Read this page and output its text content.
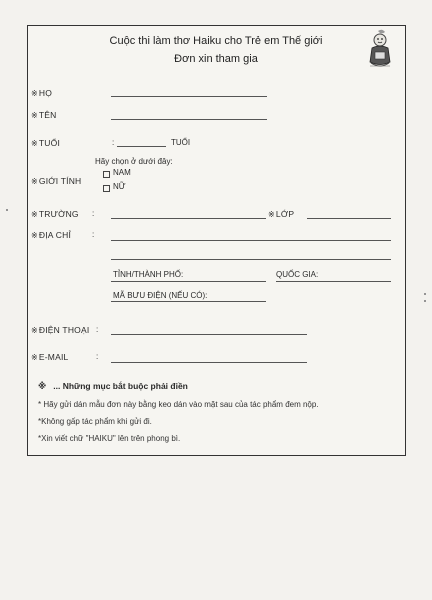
Cuộc thi làm thơ Haiku cho Trẻ em Thế giới
Đơn xin tham gia
※HỌ
※TÊN
※TUỔI	:	TUỔI
Hãy chọn ở dưới đây:
※GIỚI TÍNH
NAM
NỮ
※TRƯỜNG :	※LỚP
※ĐỊA CHỈ	:
TỈNH/THÀNH PHỐ:	QUỐC GIA:
MÃ BƯU ĐIỆN (NẾU CÓ):
※ĐIỆN THOẠI :
※E-MAIL	:
※ ... Những mục bắt buộc phải điền
* Hãy gửi dán mẫu đơn này bằng keo dán vào mặt sau của tác phẩm đem nộp.
*Không gấp tác phẩm khi gửi đi.
*Xin viết chữ "HAIKU" lên trên phong bì.
